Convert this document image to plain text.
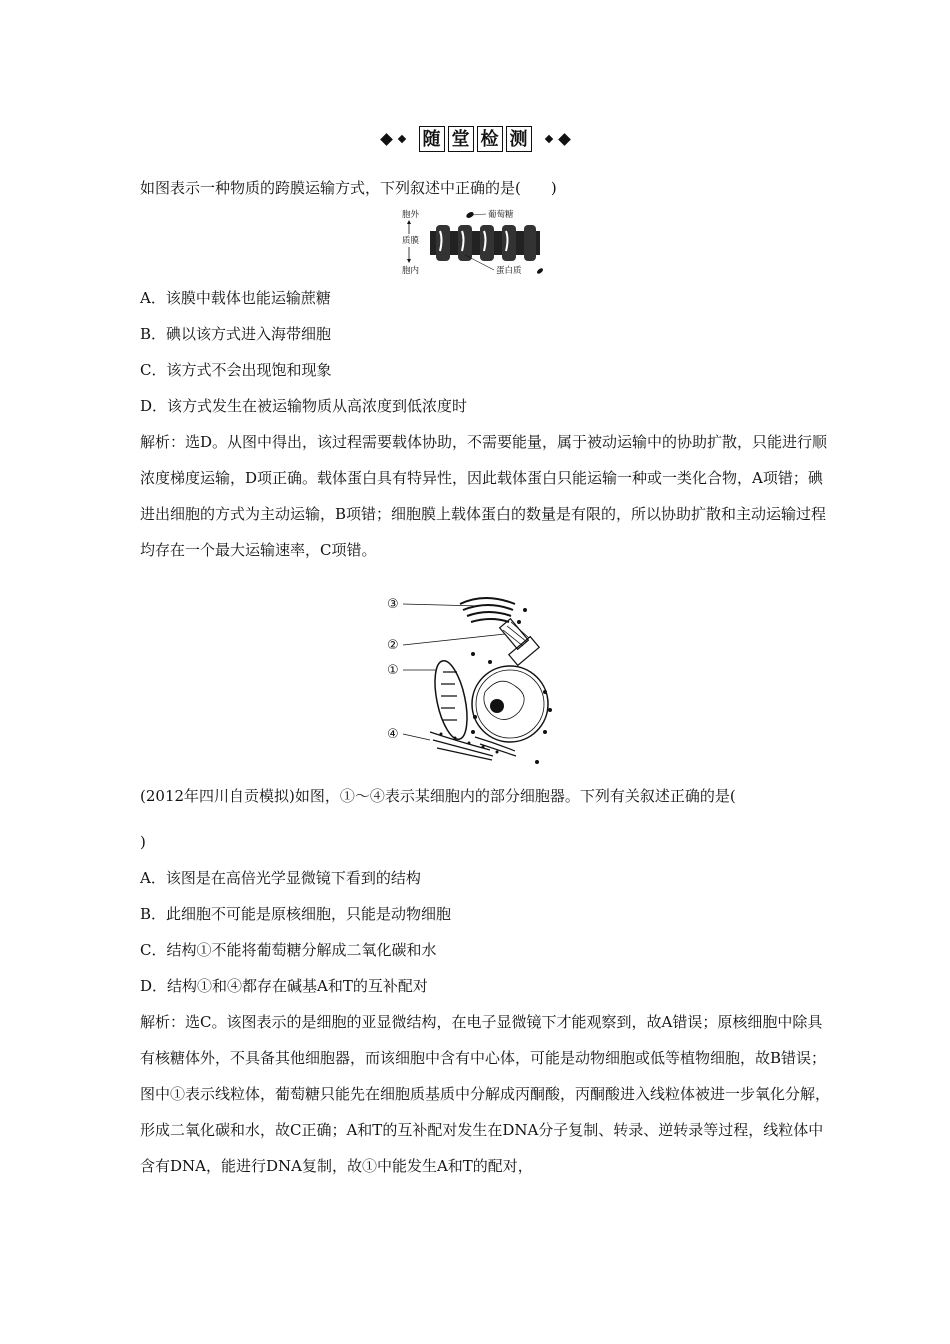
随 堂 检 测
如图表示一种物质的跨膜运输方式，下列叙述中正确的是(　　)
胞外
质膜
胞内
葡萄糖
蛋白质
A．该膜中载体也能运输蔗糖
B．碘以该方式进入海带细胞
C．该方式不会出现饱和现象
D．该方式发生在被运输物质从高浓度到低浓度时
解析：选D。从图中得出，该过程需要载体协助，不需要能量，属于被动运输中的协助扩散，只能进行顺浓度梯度运输，D项正确。载体蛋白具有特异性，因此载体蛋白只能运输一种或一类化合物，A项错；碘进出细胞的方式为主动运输，B项错；细胞膜上载体蛋白的数量是有限的，所以协助扩散和主动运输过程均存在一个最大运输速率，C项错。
③
②
①
④
(2012年四川自贡模拟)如图，①～④表示某细胞内的部分细胞器。下列有关叙述正确的是(
)
A．该图是在高倍光学显微镜下看到的结构
B．此细胞不可能是原核细胞，只能是动物细胞
C．结构①不能将葡萄糖分解成二氧化碳和水
D．结构①和④都存在碱基A和T的互补配对
解析：选C。该图表示的是细胞的亚显微结构，在电子显微镜下才能观察到，故A错误；原核细胞中除具有核糖体外，不具备其他细胞器，而该细胞中含有中心体，可能是动物细胞或低等植物细胞，故B错误；图中①表示线粒体，葡萄糖只能先在细胞质基质中分解成丙酮酸，丙酮酸进入线粒体被进一步氧化分解，形成二氧化碳和水，故C正确；A和T的互补配对发生在DNA分子复制、转录、逆转录等过程，线粒体中含有DNA，能进行DNA复制，故①中能发生A和T的配对，
